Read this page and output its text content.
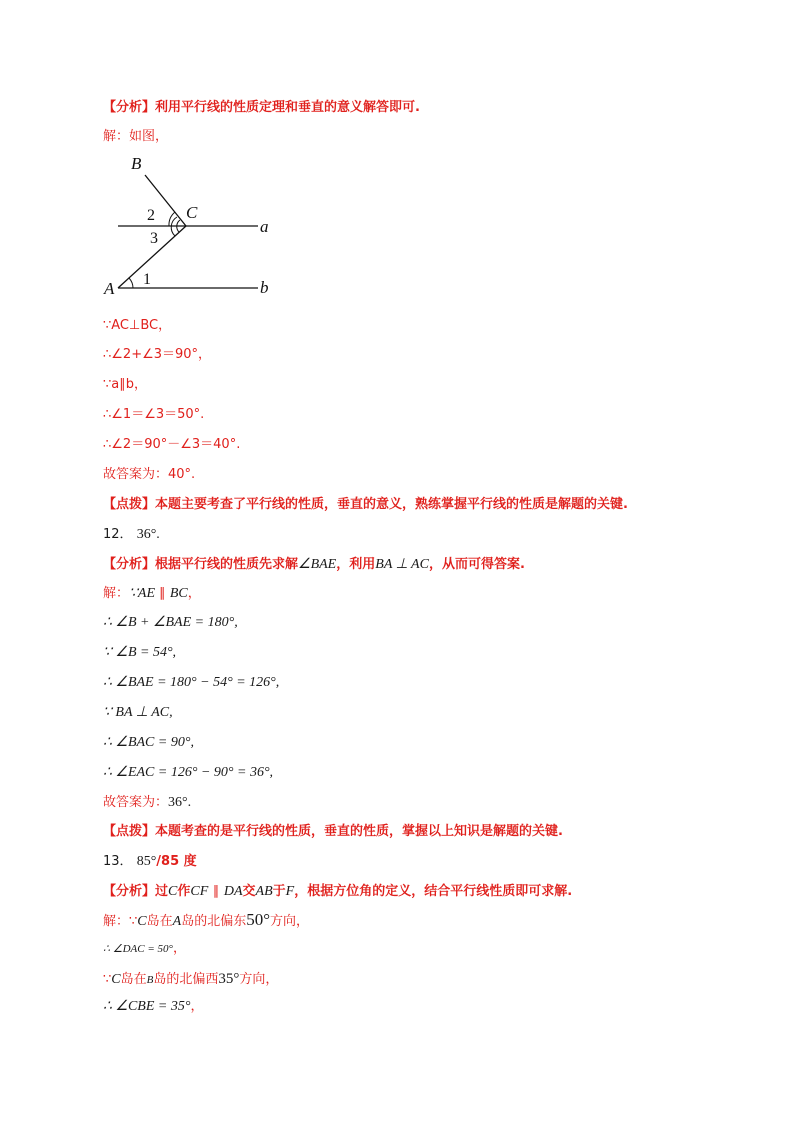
【分析】利用平行线的性质定理和垂直的意义解答即可.
解：如图，
B
C
A
a
b
2
3
1
∵AC⊥BC，
∴∠2+∠3＝90°，
∵a∥b，
∴∠1＝∠3＝50°.
∴∠2＝90°－∠3＝40°.
故答案为：40°.
【点拨】本题主要考查了平行线的性质，垂直的意义，熟练掌握平行线的性质是解题的关键.
12． 36°.
【分析】根据平行线的性质先求解∠BAE，利用BA ⊥ AC，从而可得答案.
解：∵AE ∥ BC，
∴ ∠B + ∠BAE = 180°,
∵ ∠B = 54°,
∴ ∠BAE = 180° − 54° = 126°,
∵ BA ⊥ AC,
∴ ∠BAC = 90°,
∴ ∠EAC = 126° − 90° = 36°,
故答案为：36°.
【点拨】本题考查的是平行线的性质，垂直的性质，掌握以上知识是解题的关键.
13． 85°/85 度
【分析】过C作CF ∥ DA交AB于F，根据方位角的定义，结合平行线性质即可求解.
解：∵C岛在A岛的北偏东50°方向，
∴ ∠DAC = 50°，
∵C岛在B岛的北偏西35°方向，
∴ ∠CBE = 35°，
